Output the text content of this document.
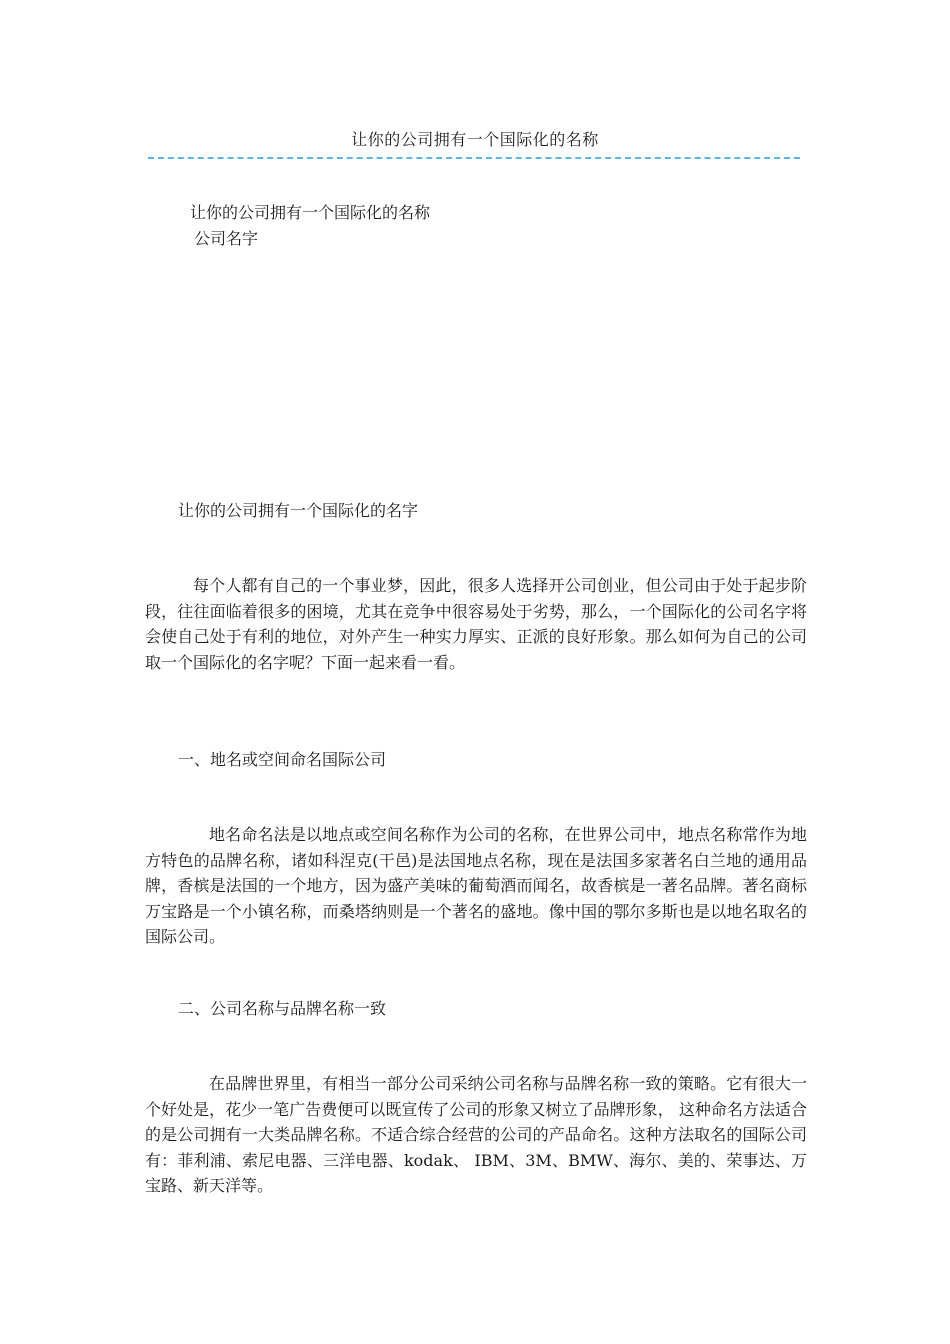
让你的公司拥有一个国际化的名称
让你的公司拥有一个国际化的名称
公司名字
让你的公司拥有一个国际化的名字
每个人都有自己的一个事业梦，因此，很多人选择开公司创业，但公司由于处于起步阶段，往往面临着很多的困境，尤其在竞争中很容易处于劣势，那么，一个国际化的公司名字将会使自己处于有利的地位，对外产生一种实力厚实、正派的良好形象。那么如何为自己的公司取一个国际化的名字呢？下面一起来看一看。
一、地名或空间命名国际公司
地名命名法是以地点或空间名称作为公司的名称，在世界公司中，地点名称常作为地方特色的品牌名称，诸如科涅克(干邑)是法国地点名称，现在是法国多家著名白兰地的通用品牌，香槟是法国的一个地方，因为盛产美味的葡萄酒而闻名，故香槟是一著名品牌。著名商标万宝路是一个小镇名称，而桑塔纳则是一个著名的盛地。像中国的鄂尔多斯也是以地名取名的国际公司。
二、公司名称与品牌名称一致
在品牌世界里，有相当一部分公司采纳公司名称与品牌名称一致的策略。它有很大一个好处是，花少一笔广告费便可以既宣传了公司的形象又树立了品牌形象， 这种命名方法适合的是公司拥有一大类品牌名称。不适合综合经营的公司的产品命名。这种方法取名的国际公司有：菲利浦、索尼电器、三洋电器、kodak、 IBM、3M、BMW、海尔、美的、荣事达、万宝路、新天洋等。
